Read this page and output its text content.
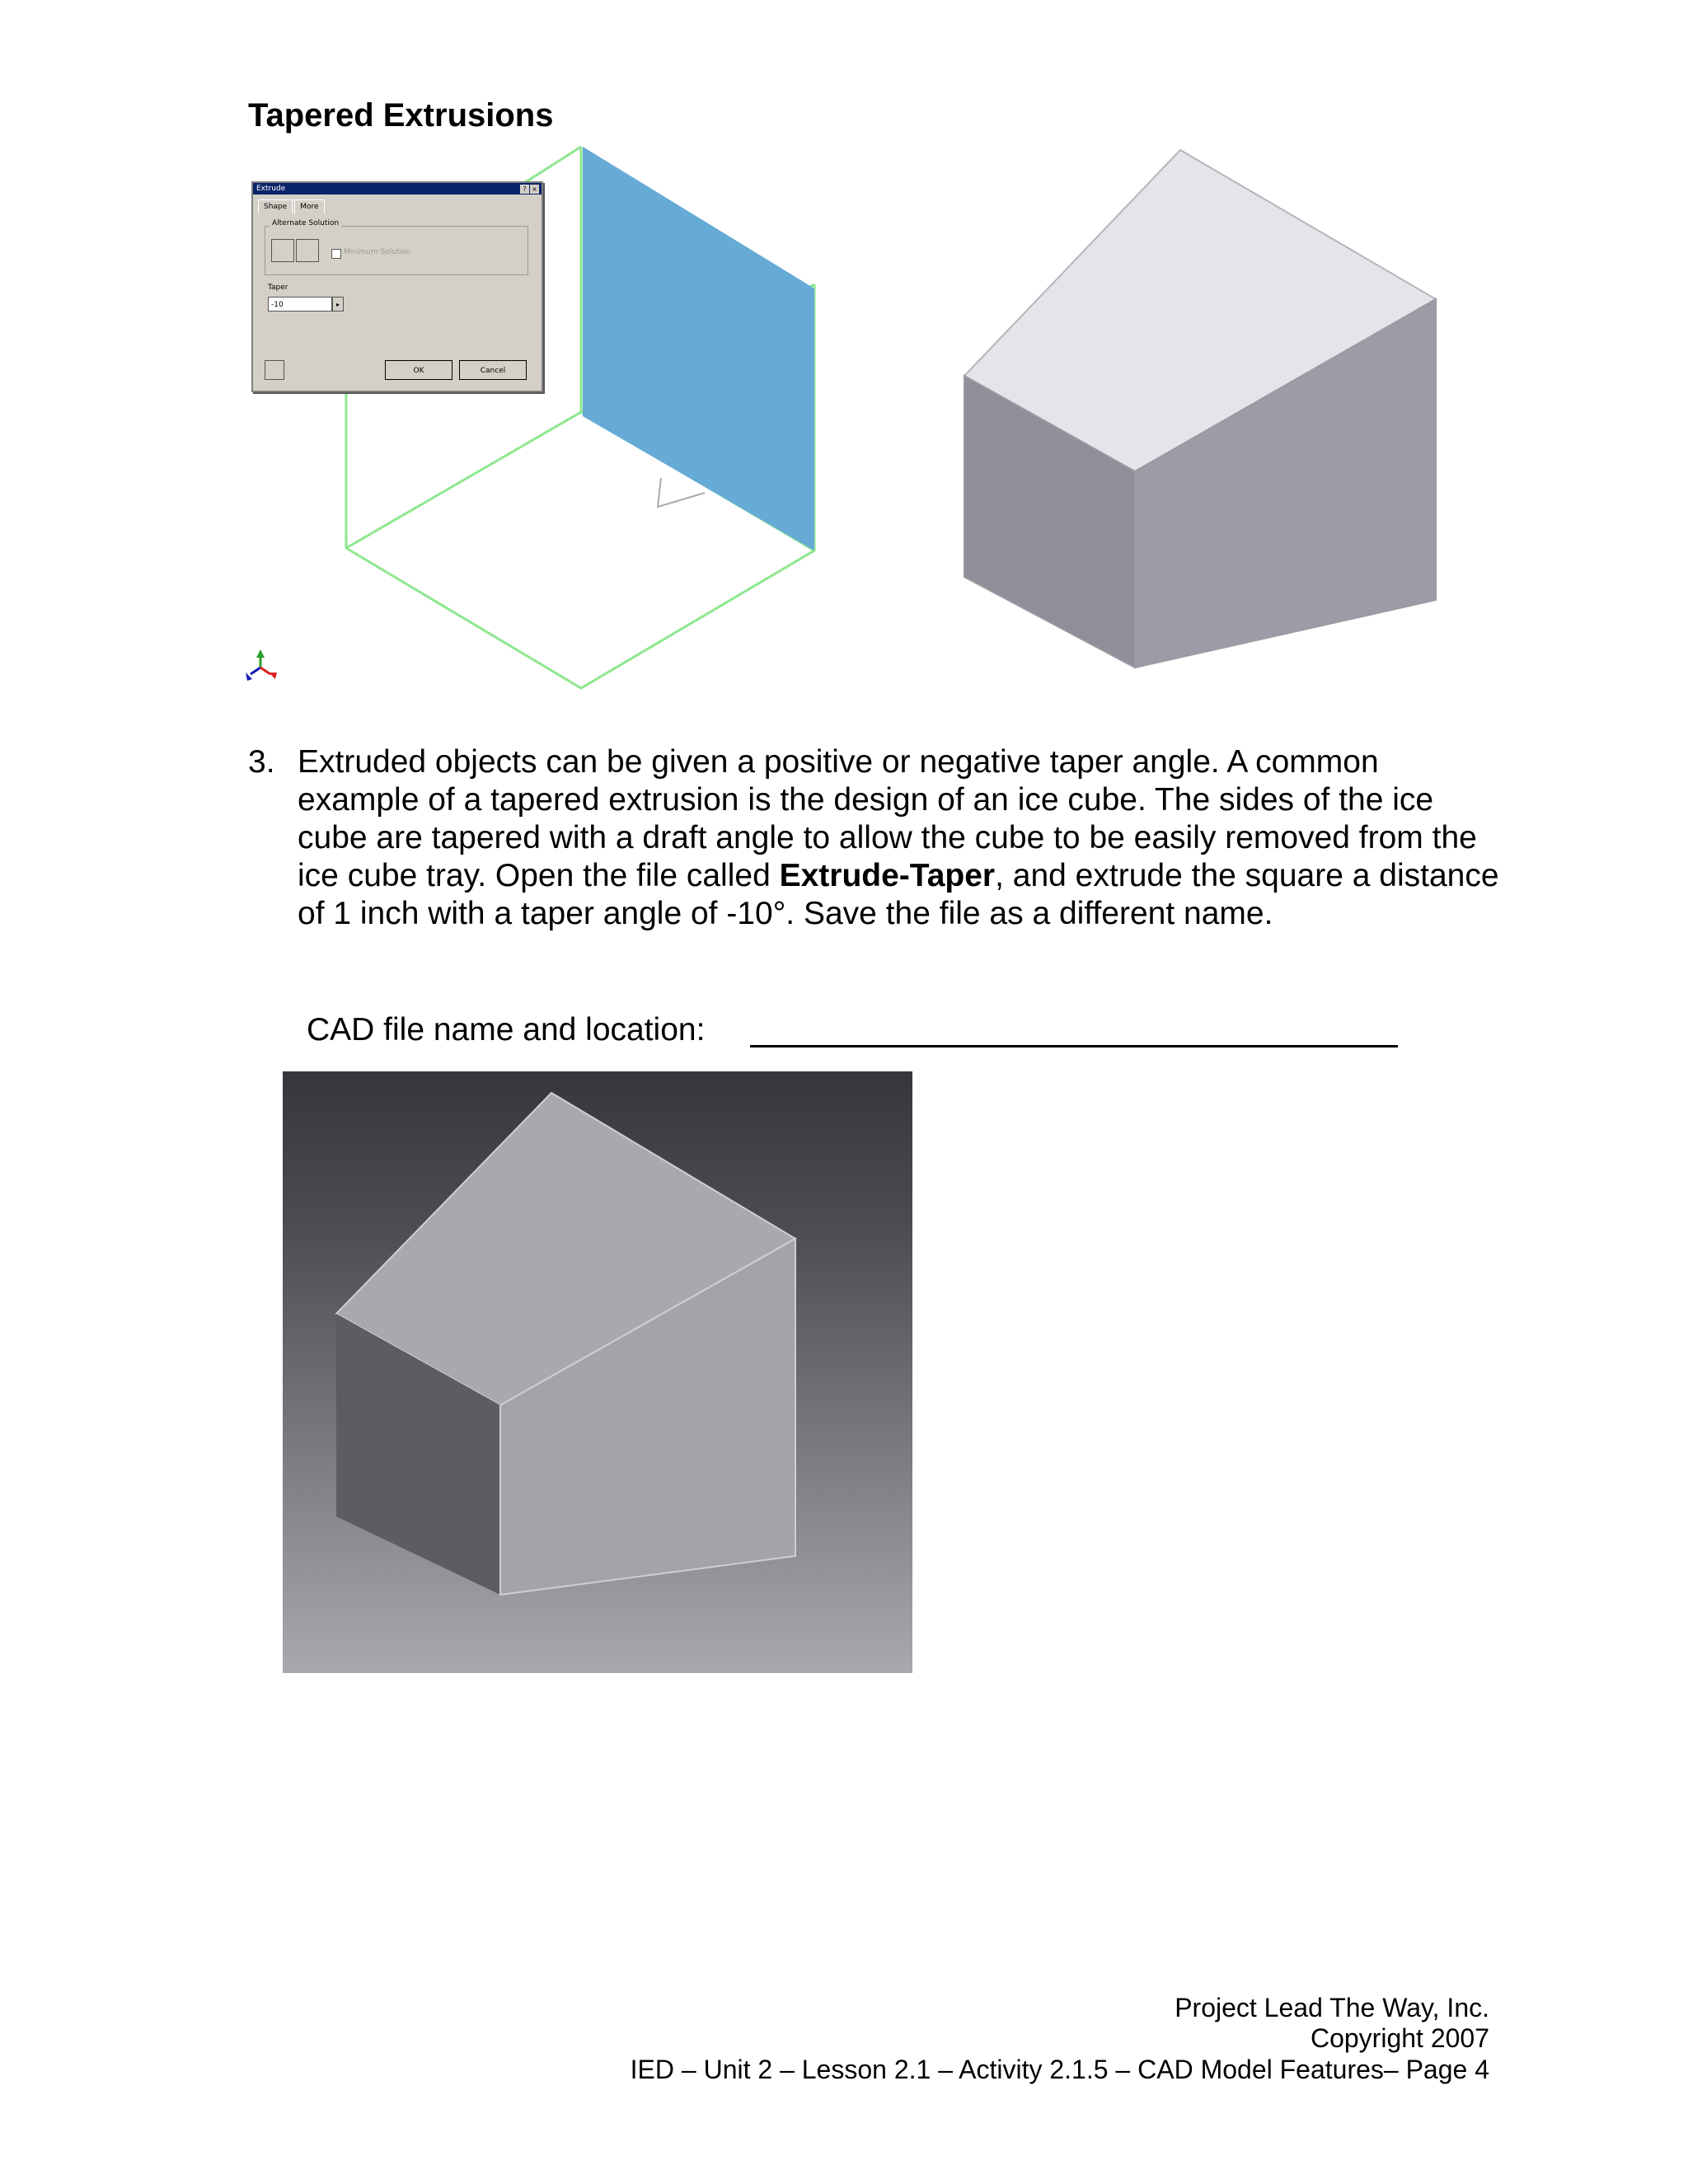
Tapered Extrusions
Extrude	? ×
Shape More
Alternate Solution
Minimum Solution
Taper
-10	▸
OK	Cancel
3. Extruded objects can be given a positive or negative taper angle. A common example of a tapered extrusion is the design of an ice cube. The sides of the ice cube are tapered with a draft angle to allow the cube to be easily removed from the ice cube tray. Open the file called Extrude-Taper, and extrude the square a distance of 1 inch with a taper angle of -10°. Save the file as a different name.
CAD file name and location:
Project Lead The Way, Inc.
Copyright 2007
IED – Unit 2 – Lesson 2.1 – Activity 2.1.5 – CAD Model Features– Page 4
